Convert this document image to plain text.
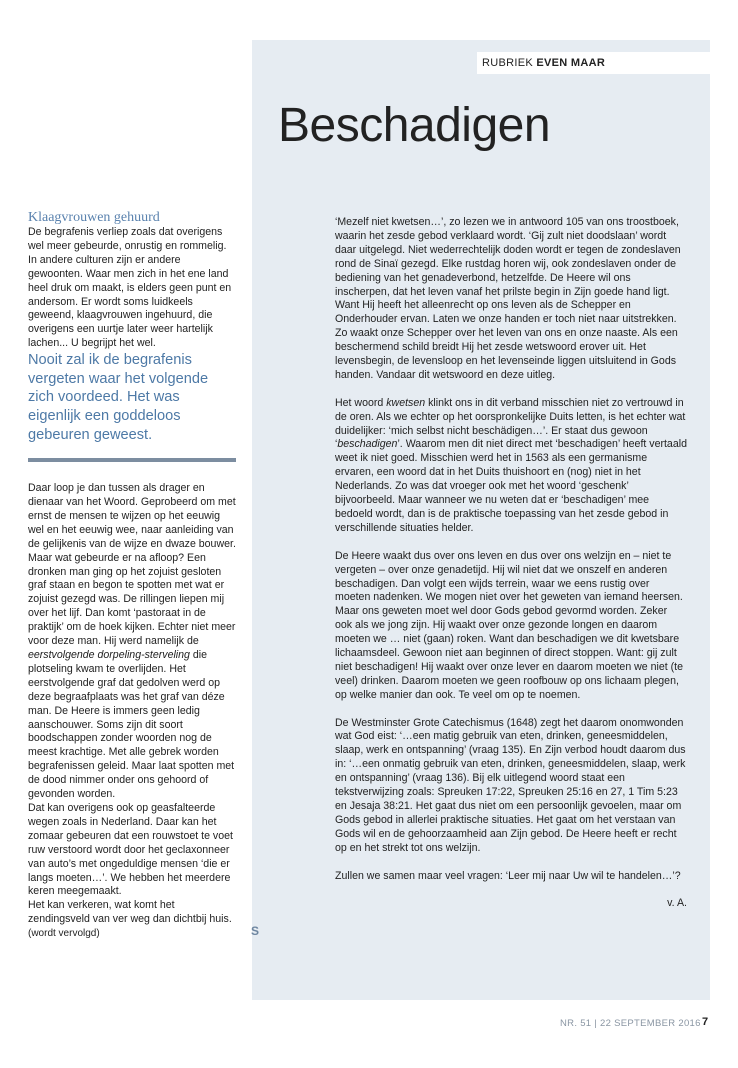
RUBRIEK EVEN MAAR
Beschadigen

Klaagvrouwen gehuurd

De begrafenis verliep zoals dat overigens wel meer gebeurde, onrustig en rommelig. In andere culturen zijn er andere gewoonten. Waar men zich in het ene land heel druk om maakt, is elders geen punt en andersom. Er wordt soms luidkeels geweend, klaagvrouwen ingehuurd, die overigens een uurtje later weer hartelijk lachen... U begrijpt het wel.

Nooit zal ik de begrafenis vergeten waar het volgende zich voordeed. Het was eigenlijk een goddeloos gebeuren geweest.

Daar loop je dan tussen als drager en dienaar van het Woord. Geprobeerd om met ernst de mensen te wijzen op het eeuwig wel en het eeuwig wee, naar aanleiding van de gelijkenis van de wijze en dwaze bouwer. Maar wat gebeurde er na afloop? Een dronken man ging op het zojuist gesloten graf staan en begon te spotten met wat er zojuist gezegd was. De rillingen liepen mij over het lijf. Dan komt ‘pastoraat in de praktijk’ om de hoek kijken. Echter niet meer voor deze man. Hij werd namelijk de eerstvolgende dorpeling-sterveling die plotseling kwam te overlijden. Het eerstvolgende graf dat gedolven werd op deze begraafplaats was het graf van déze man. De Heere is immers geen ledig aanschouwer. Soms zijn dit soort boodschappen zonder woorden nog de meest krachtige. Met alle gebrek worden begrafenissen geleid. Maar laat spotten met de dood nimmer onder ons gehoord of gevonden worden.

Dat kan overigens ook op geasfalteerde wegen zoals in Nederland. Daar kan het zomaar gebeuren dat een rouwstoet te voet ruw verstoord wordt door het geclaxonneer van auto’s met ongeduldige mensen ‘die er langs moeten…’. We hebben het meerdere keren meegemaakt.

Het kan verkeren, wat komt het zendingsveld van ver weg dan dichtbij huis.

(wordt vervolgd)	S

‘Mezelf niet kwetsen…’, zo lezen we in antwoord 105 van ons troostboek, waarin het zesde gebod verklaard wordt. ‘Gij zult niet doodslaan’ wordt daar uitgelegd. Niet wederrechtelijk doden wordt er tegen de zondeslaven rond de Sinaï gezegd. Elke rustdag horen wij, ook zondeslaven onder de bediening van het genadeverbond, hetzelfde. De Heere wil ons inscherpen, dat het leven vanaf het prilste begin in Zijn goede hand ligt. Want Hij heeft het alleenrecht op ons leven als de Schepper en Onderhouder ervan. Laten we onze handen er toch niet naar uitstrekken. Zo waakt onze Schepper over het leven van ons en onze naaste. Als een beschermend schild breidt Hij het zesde wetswoord erover uit. Het levensbegin, de levensloop en het levenseinde liggen uitsluitend in Gods handen. Vandaar dit wetswoord en deze uitleg.

Het woord kwetsen klinkt ons in dit verband misschien niet zo vertrouwd in de oren. Als we echter op het oorspronkelijke Duits letten, is het echter wat duidelijker: ‘mich selbst nicht beschädigen…’. Er staat dus gewoon ‘beschadigen’. Waarom men dit niet direct met ‘beschadigen’ heeft vertaald weet ik niet goed. Misschien werd het in 1563 als een germanisme ervaren, een woord dat in het Duits thuishoort en (nog) niet in het Nederlands. Zo was dat vroeger ook met het woord ‘geschenk’ bijvoorbeeld. Maar wanneer we nu weten dat er ‘beschadigen’ mee bedoeld wordt, dan is de praktische toepassing van het zesde gebod in verschillende situaties helder.

De Heere waakt dus over ons leven en dus over ons welzijn en – niet te vergeten – over onze genadetijd. Hij wil niet dat we onszelf en anderen beschadigen. Dan volgt een wijds terrein, waar we eens rustig over moeten nadenken. We mogen niet over het geweten van iemand heersen. Maar ons geweten moet wel door Gods gebod gevormd worden. Zeker ook als we jong zijn. Hij waakt over onze gezonde longen en daarom moeten we … niet (gaan) roken. Want dan beschadigen we dit kwetsbare lichaamsdeel. Gewoon niet aan beginnen of direct stoppen. Want: gij zult niet beschadigen! Hij waakt over onze lever en daarom moeten we niet (te veel) drinken. Daarom moeten we geen roofbouw op ons lichaam plegen, op welke manier dan ook. Te veel om op te noemen.

De Westminster Grote Catechismus (1648) zegt het daarom onomwonden wat God eist: ‘…een matig gebruik van eten, drinken, geneesmiddelen, slaap, werk en ontspanning’ (vraag 135). En Zijn verbod houdt daarom dus in: ‘…een onmatig gebruik van eten, drinken, geneesmiddelen, slaap, werk en ontspanning’ (vraag 136). Bij elk uitlegend woord staat een tekstverwijzing zoals: Spreuken 17:22, Spreuken 25:16 en 27, 1 Tim 5:23 en Jesaja 38:21. Het gaat dus niet om een persoonlijk gevoelen, maar om Gods gebod in allerlei praktische situaties. Het gaat om het verstaan van Gods wil en de gehoorzaamheid aan Zijn gebod. De Heere heeft er recht op en het strekt tot ons welzijn.

Zullen we samen maar veel vragen: ‘Leer mij naar Uw wil te handelen…’?

v. A.

NR. 51 | 22 SEPTEMBER 2016 7
